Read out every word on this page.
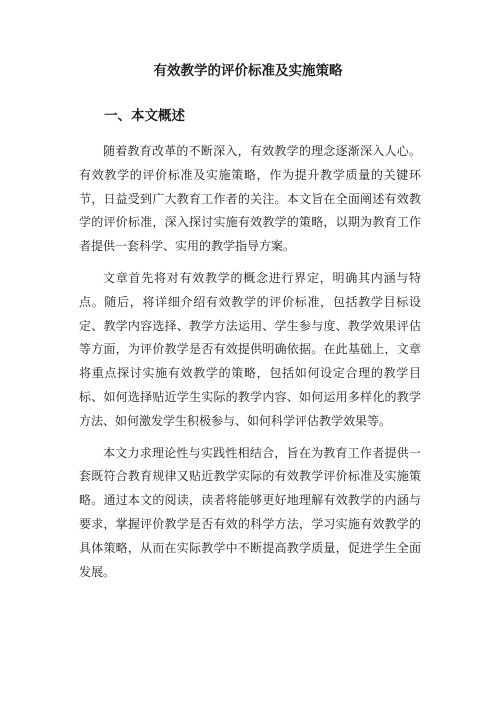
有效教学的评价标准及实施策略
一、本文概述

随着教育改革的不断深入，有效教学的理念逐渐深入人心。有效教学的评价标准及实施策略，作为提升教学质量的关键环节，日益受到广大教育工作者的关注。本文旨在全面阐述有效教学的评价标准，深入探讨实施有效教学的策略，以期为教育工作者提供一套科学、实用的教学指导方案。

文章首先将对有效教学的概念进行界定，明确其内涵与特点。随后，将详细介绍有效教学的评价标准，包括教学目标设定、教学内容选择、教学方法运用、学生参与度、教学效果评估等方面，为评价教学是否有效提供明确依据。在此基础上，文章将重点探讨实施有效教学的策略，包括如何设定合理的教学目标、如何选择贴近学生实际的教学内容、如何运用多样化的教学方法、如何激发学生积极参与、如何科学评估教学效果等。

本文力求理论性与实践性相结合，旨在为教育工作者提供一套既符合教育规律又贴近教学实际的有效教学评价标准及实施策略。通过本文的阅读，读者将能够更好地理解有效教学的内涵与要求，掌握评价教学是否有效的科学方法，学习实施有效教学的具体策略，从而在实际教学中不断提高教学质量，促进学生全面发展。
